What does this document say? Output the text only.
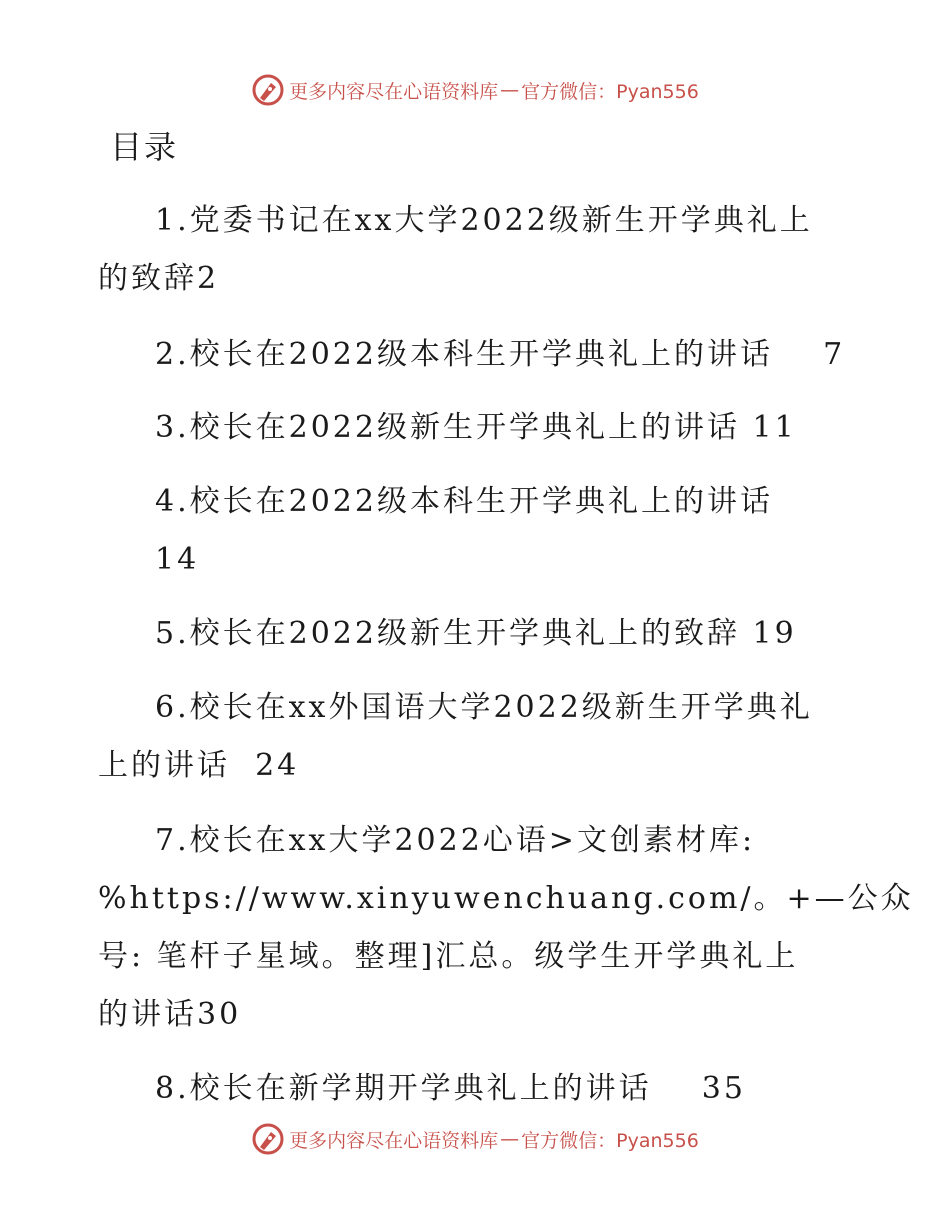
更多内容尽在心语资料库 — 官方微信：Pyan556
目录
1.党委书记在xx大学2022级新生开学典礼上
的致辞2
2.校长在2022级本科生开学典礼上的讲话    7
3.校长在2022级新生开学典礼上的讲话 11
4.校长在2022级本科生开学典礼上的讲话
14
5.校长在2022级新生开学典礼上的致辞 19
6.校长在xx外国语大学2022级新生开学典礼
上的讲话  24
7.校长在xx大学2022心语>文创素材库:
%https://www.xinyuwenchuang.com/。+—公众
号: 笔杆子星域。整理]汇总。级学生开学典礼上
的讲话30
8.校长在新学期开学典礼上的讲话    35
更多内容尽在心语资料库 — 官方微信：Pyan556
